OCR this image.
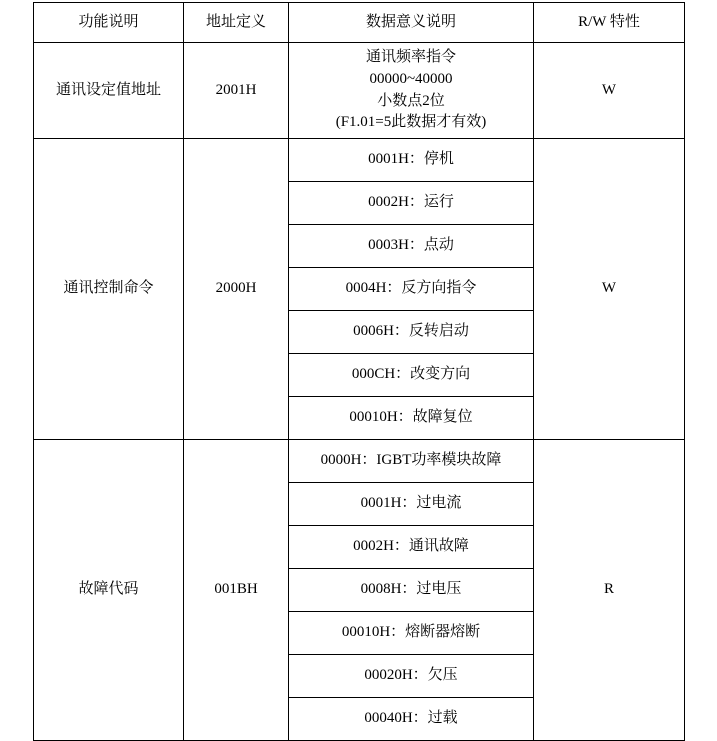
功能说明	地址定义	数据意义说明	R/W 特性
通讯设定值地址	2001H	通讯频率指令
00000~40000
小数点2位
(F1.01=5此数据才有效)	W
通讯控制命令	2000H	0001H：停机	W
		0002H：运行	
		0003H：点动	
		0004H：反方向指令	
		0006H：反转启动	
		000CH：改变方向	
		00010H：故障复位	
故障代码	001BH	0000H：IGBT功率模块故障	R
		0001H：过电流	
		0002H：通讯故障	
		0008H：过电压	
		00010H：熔断器熔断	
		00020H：欠压	
		00040H：过载	
